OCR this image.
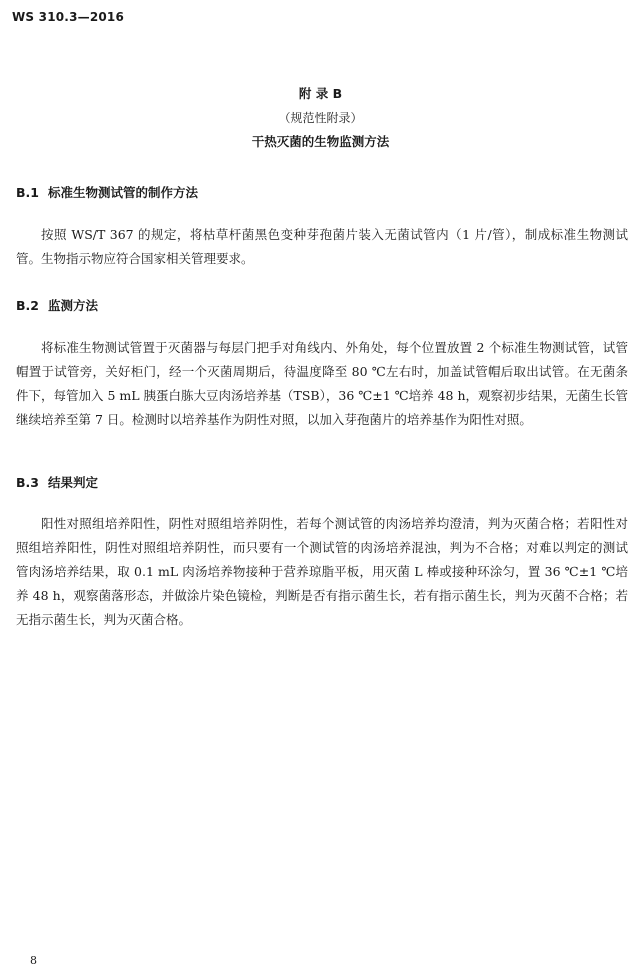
WS 310.3—2016
附 录 B
（规范性附录）
干热灭菌的生物监测方法
B.1 标准生物测试管的制作方法

按照 WS/T 367 的规定，将枯草杆菌黑色变种芽孢菌片装入无菌试管内（1 片/管），制成标准生物测试管。生物指示物应符合国家相关管理要求。

B.2 监测方法

将标准生物测试管置于灭菌器与每层门把手对角线内、外角处，每个位置放置 2 个标准生物测试管，试管帽置于试管旁，关好柜门，经一个灭菌周期后，待温度降至 80 ℃左右时，加盖试管帽后取出试管。在无菌条件下，每管加入 5 mL 胰蛋白胨大豆肉汤培养基（TSB），36 ℃±1 ℃培养 48 h，观察初步结果，无菌生长管继续培养至第 7 日。检测时以培养基作为阴性对照，以加入芽孢菌片的培养基作为阳性对照。

B.3 结果判定

阳性对照组培养阳性，阴性对照组培养阴性，若每个测试管的肉汤培养均澄清，判为灭菌合格；若阳性对照组培养阳性，阴性对照组培养阴性，而只要有一个测试管的肉汤培养混浊，判为不合格；对难以判定的测试管肉汤培养结果，取 0.1 mL 肉汤培养物接种于营养琼脂平板，用灭菌 L 棒或接种环涂匀，置 36 ℃±1 ℃培养 48 h，观察菌落形态，并做涂片染色镜检，判断是否有指示菌生长，若有指示菌生长，判为灭菌不合格；若无指示菌生长，判为灭菌合格。

8
